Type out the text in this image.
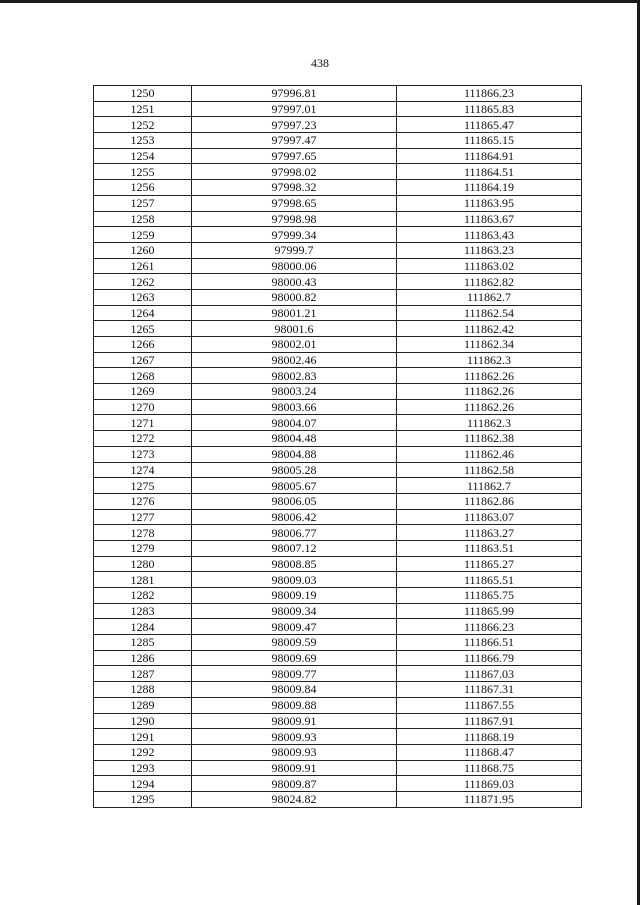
438
1250	97996.81	111866.23
1251	97997.01	111865.83
1252	97997.23	111865.47
1253	97997.47	111865.15
1254	97997.65	111864.91
1255	97998.02	111864.51
1256	97998.32	111864.19
1257	97998.65	111863.95
1258	97998.98	111863.67
1259	97999.34	111863.43
1260	97999.7	111863.23
1261	98000.06	111863.02
1262	98000.43	111862.82
1263	98000.82	111862.7
1264	98001.21	111862.54
1265	98001.6	111862.42
1266	98002.01	111862.34
1267	98002.46	111862.3
1268	98002.83	111862.26
1269	98003.24	111862.26
1270	98003.66	111862.26
1271	98004.07	111862.3
1272	98004.48	111862.38
1273	98004.88	111862.46
1274	98005.28	111862.58
1275	98005.67	111862.7
1276	98006.05	111862.86
1277	98006.42	111863.07
1278	98006.77	111863.27
1279	98007.12	111863.51
1280	98008.85	111865.27
1281	98009.03	111865.51
1282	98009.19	111865.75
1283	98009.34	111865.99
1284	98009.47	111866.23
1285	98009.59	111866.51
1286	98009.69	111866.79
1287	98009.77	111867.03
1288	98009.84	111867.31
1289	98009.88	111867.55
1290	98009.91	111867.91
1291	98009.93	111868.19
1292	98009.93	111868.47
1293	98009.91	111868.75
1294	98009.87	111869.03
1295	98024.82	111871.95
